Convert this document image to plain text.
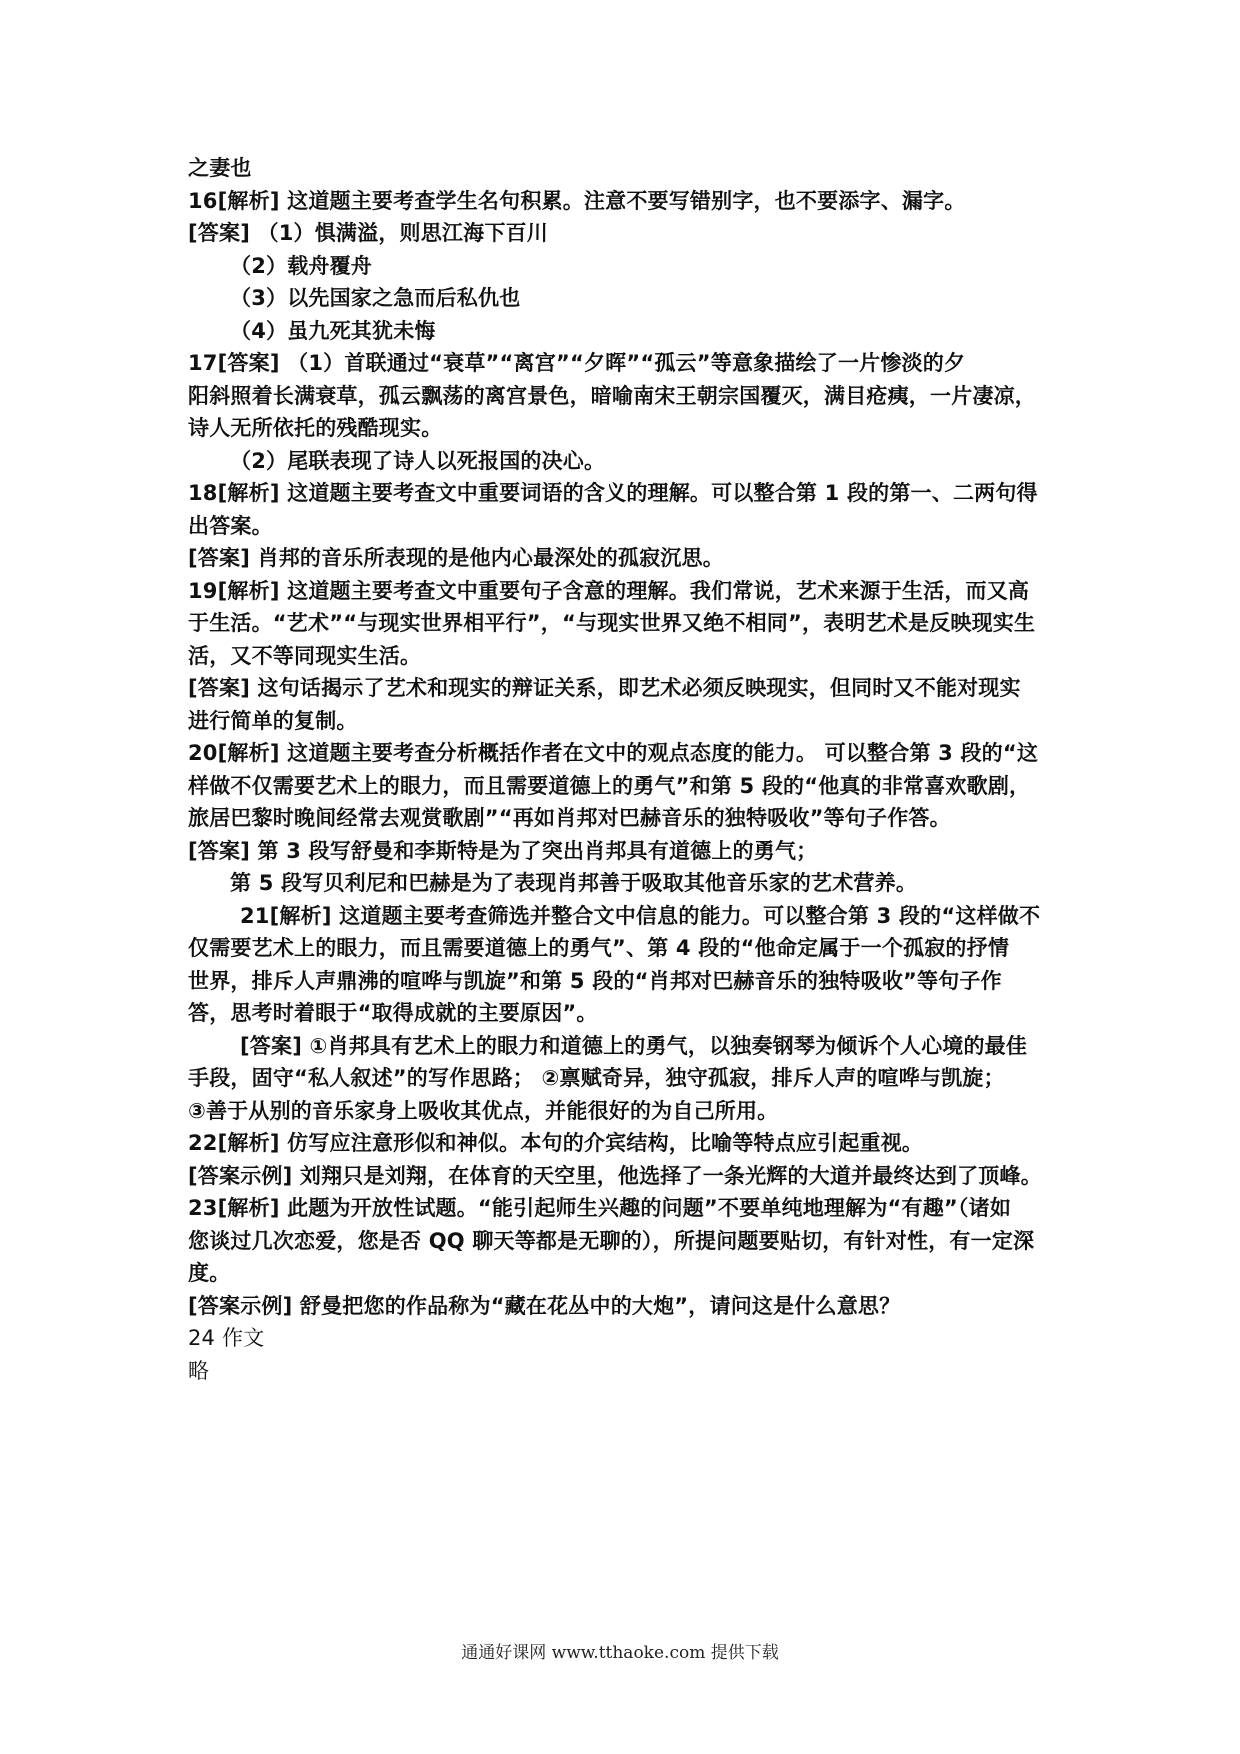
之妻也
16[解析] 这道题主要考查学生名句积累。注意不要写错别字，也不要添字、漏字。
[答案] （1）惧满溢，则思江海下百川
（2）载舟覆舟
（3）以先国家之急而后私仇也
（4）虽九死其犹未悔
17[答案] （1）首联通过“衰草”“离宫”“夕晖”“孤云”等意象描绘了一片惨淡的夕
阳斜照着长满衰草，孤云飘荡的离宫景色，暗喻南宋王朝宗国覆灭，满目疮痍，一片凄凉，
诗人无所依托的残酷现实。
（2）尾联表现了诗人以死报国的决心。
18[解析] 这道题主要考查文中重要词语的含义的理解。可以整合第 1 段的第一、二两句得
出答案。
[答案] 肖邦的音乐所表现的是他内心最深处的孤寂沉思。
19[解析] 这道题主要考查文中重要句子含意的理解。我们常说，艺术来源于生活，而又高
于生活。“艺术”“与现实世界相平行”，“与现实世界又绝不相同”，表明艺术是反映现实生
活，又不等同现实生活。
[答案] 这句话揭示了艺术和现实的辩证关系，即艺术必须反映现实，但同时又不能对现实
进行简单的复制。
20[解析] 这道题主要考查分析概括作者在文中的观点态度的能力。 可以整合第 3 段的“这
样做不仅需要艺术上的眼力，而且需要道德上的勇气”和第 5 段的“他真的非常喜欢歌剧，
旅居巴黎时晚间经常去观赏歌剧”“再如肖邦对巴赫音乐的独特吸收”等句子作答。
[答案] 第 3 段写舒曼和李斯特是为了突出肖邦具有道德上的勇气；
第 5 段写贝利尼和巴赫是为了表现肖邦善于吸取其他音乐家的艺术营养。
21[解析] 这道题主要考查筛选并整合文中信息的能力。可以整合第 3 段的“这样做不
仅需要艺术上的眼力，而且需要道德上的勇气”、第 4 段的“他命定属于一个孤寂的抒情
世界，排斥人声鼎沸的喧哗与凯旋”和第 5 段的“肖邦对巴赫音乐的独特吸收”等句子作
答，思考时着眼于“取得成就的主要原因”。
[答案] ①肖邦具有艺术上的眼力和道德上的勇气，以独奏钢琴为倾诉个人心境的最佳
手段，固守“私人叙述”的写作思路； ②禀赋奇异，独守孤寂，排斥人声的喧哗与凯旋；
③善于从别的音乐家身上吸收其优点，并能很好的为自己所用。
22[解析] 仿写应注意形似和神似。本句的介宾结构，比喻等特点应引起重视。
[答案示例] 刘翔只是刘翔，在体育的天空里，他选择了一条光辉的大道并最终达到了顶峰。
23[解析] 此题为开放性试题。“能引起师生兴趣的问题”不要单纯地理解为“有趣”（诸如
您谈过几次恋爱，您是否 QQ 聊天等都是无聊的），所提问题要贴切，有针对性，有一定深
度。
[答案示例] 舒曼把您的作品称为“藏在花丛中的大炮”，请问这是什么意思？
24 作文
略
通通好课网 www.tthaoke.com 提供下载
